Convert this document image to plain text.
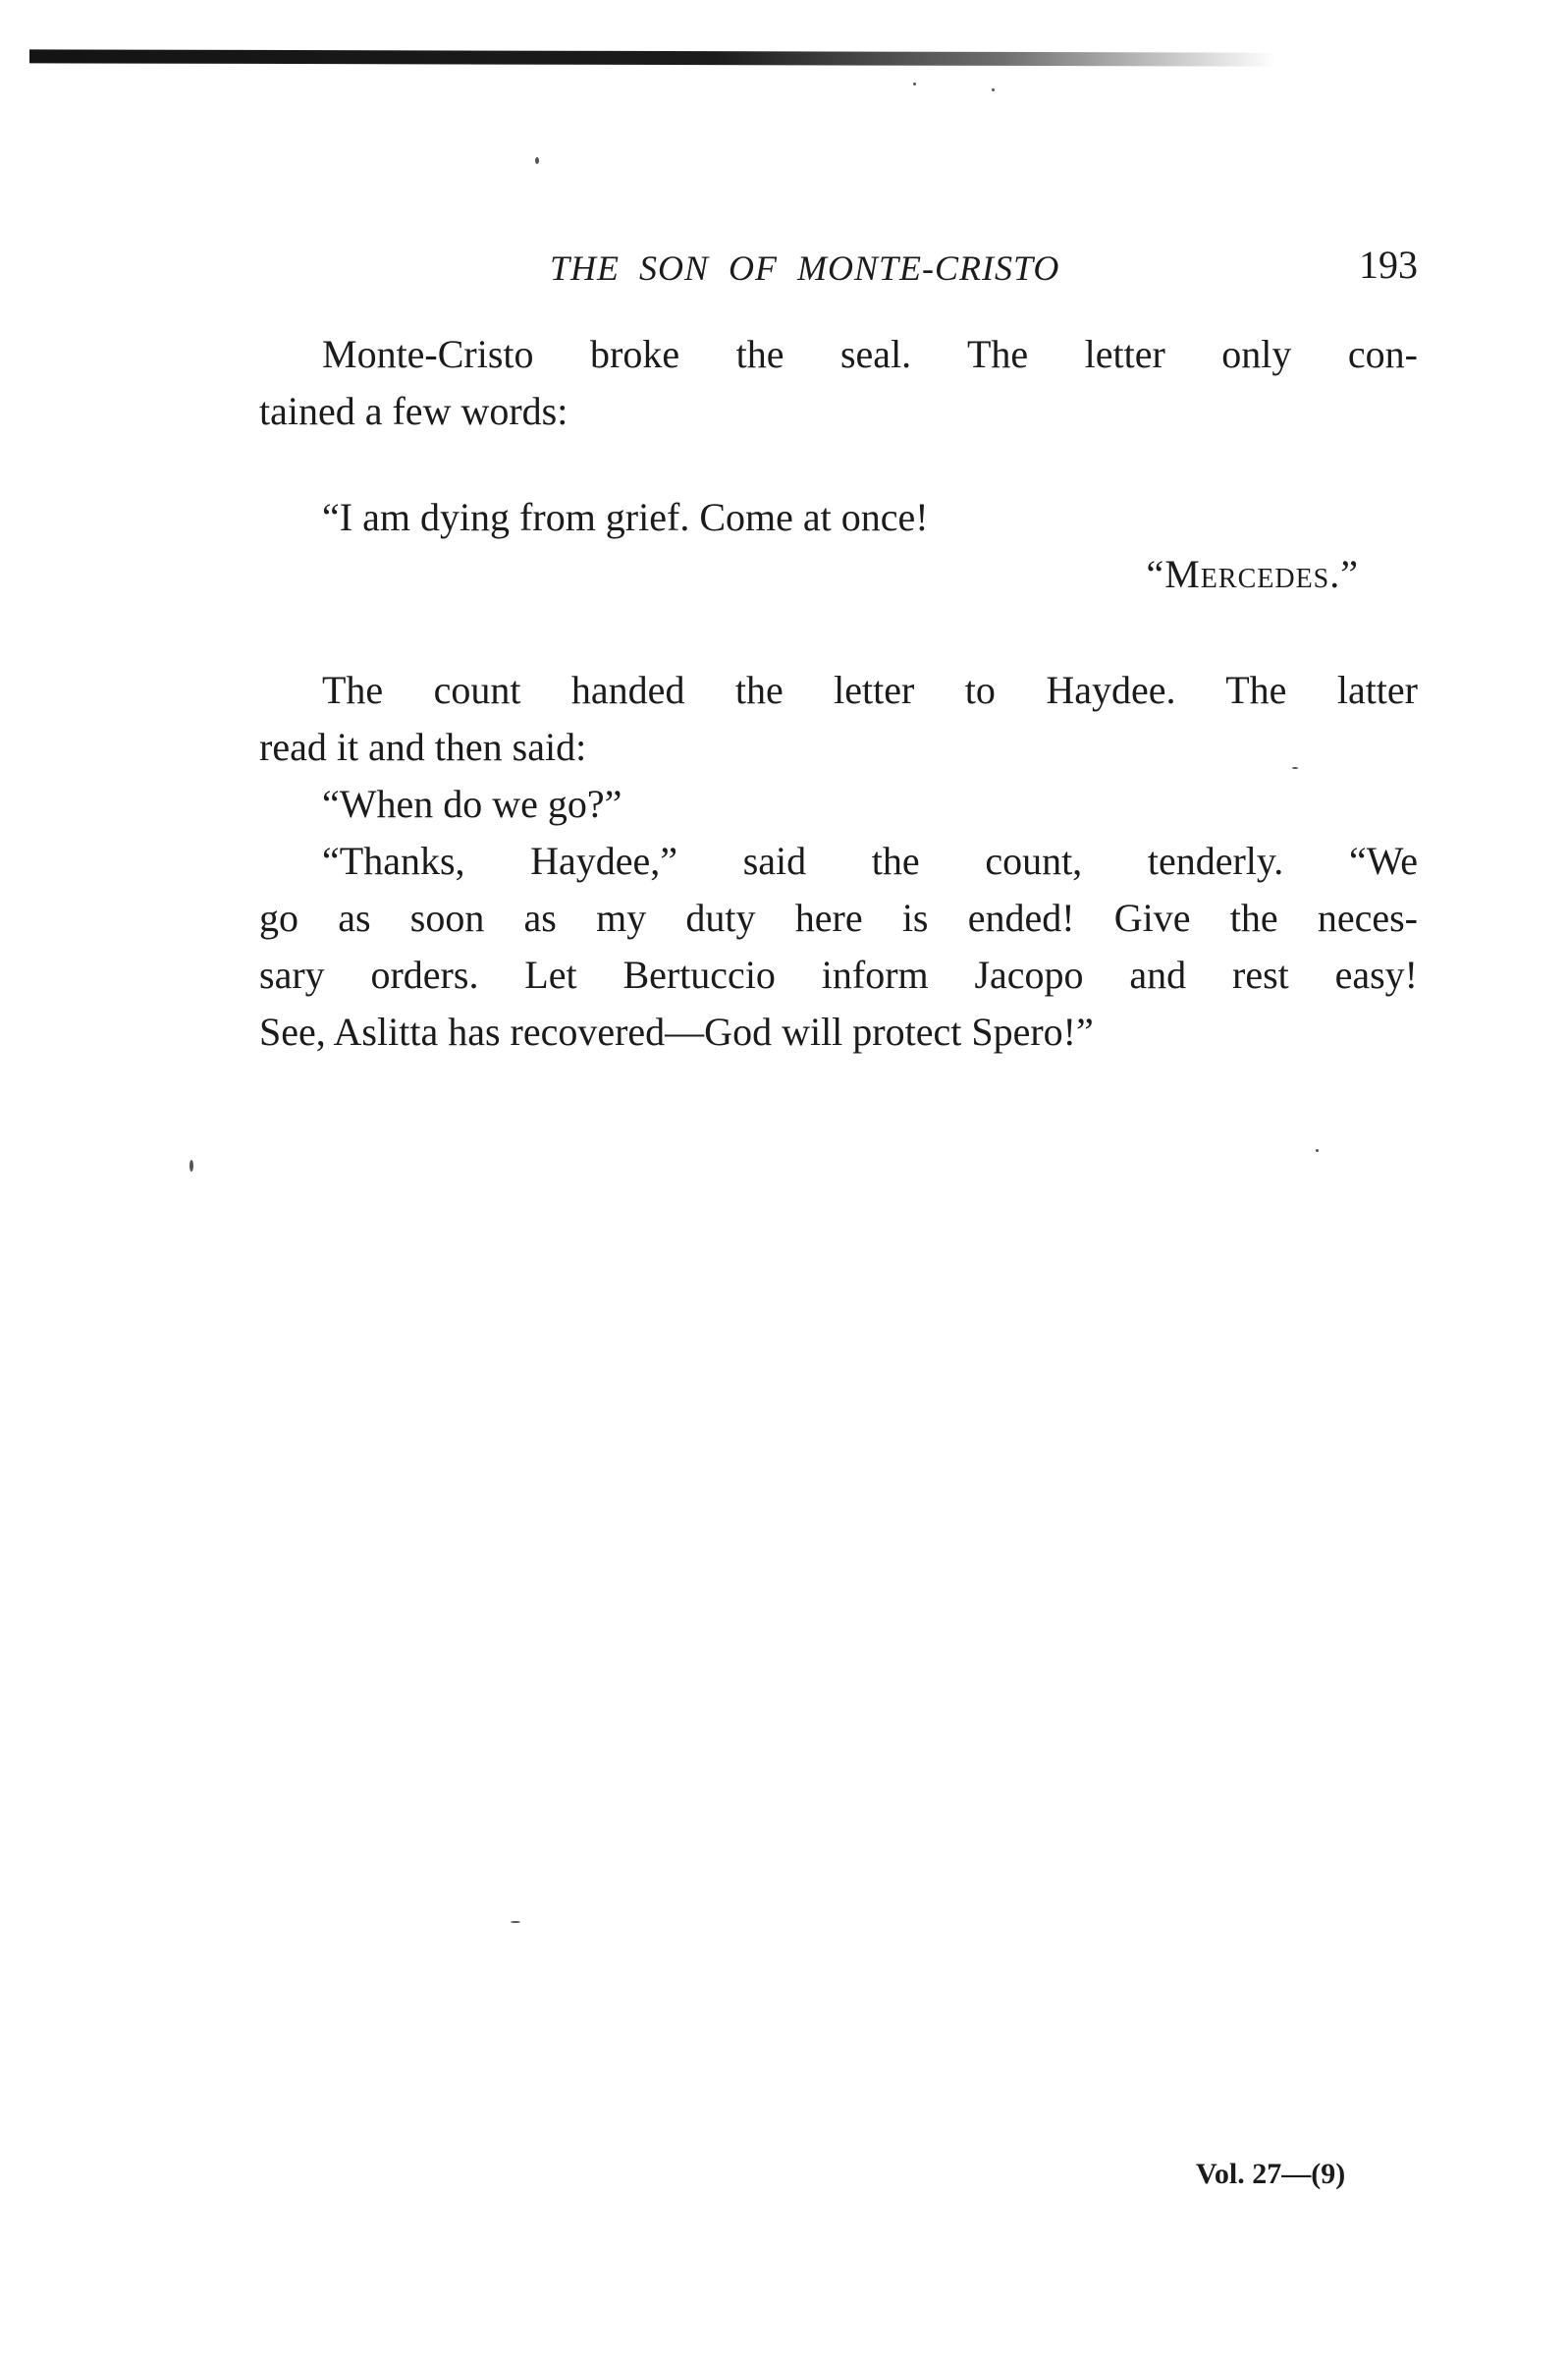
THE SON OF MONTE-CRISTO	193

Monte-Cristo broke the seal. The letter only con-
tained a few words:

“I am dying from grief. Come at once!
“Mercedes.”

The count handed the letter to Haydee. The latter
read it and then said:

“When do we go?”

“Thanks, Haydee,” said the count, tenderly. “We
go as soon as my duty here is ended! Give the neces-
sary orders. Let Bertuccio inform Jacopo and rest easy!
See, Aslitta has recovered—God will protect Spero!”

Vol. 27—(9)
